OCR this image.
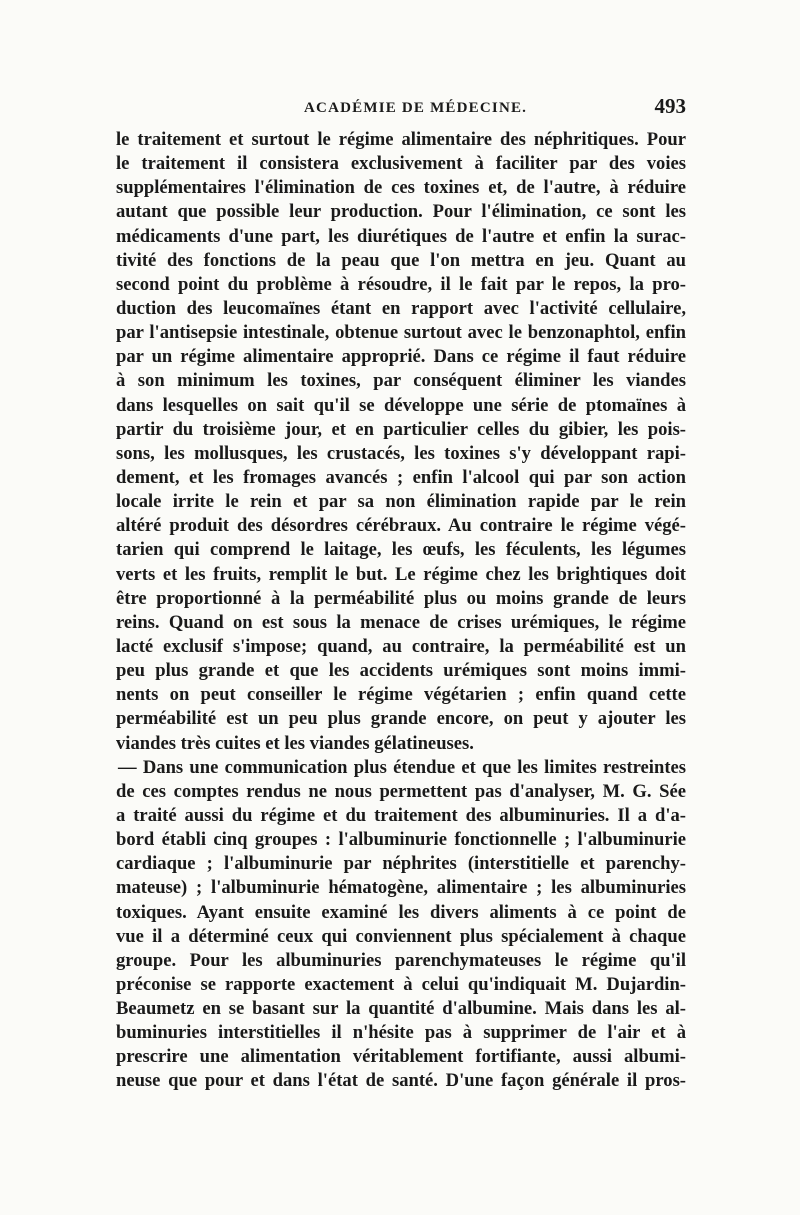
ACADÉMIE DE MÉDECINE.	493
le traitement et surtout le régime alimentaire des néphritiques. Pour
le traitement il consistera exclusivement à faciliter par des voies
supplémentaires l'élimination de ces toxines et, de l'autre, à réduire
autant que possible leur production. Pour l'élimination, ce sont les
médicaments d'une part, les diurétiques de l'autre et enfin la surac-
tivité des fonctions de la peau que l'on mettra en jeu. Quant au
second point du problème à résoudre, il le fait par le repos, la pro-
duction des leucomaïnes étant en rapport avec l'activité cellulaire,
par l'antisepsie intestinale, obtenue surtout avec le benzonaphtol, enfin
par un régime alimentaire approprié. Dans ce régime il faut réduire
à son minimum les toxines, par conséquent éliminer les viandes
dans lesquelles on sait qu'il se développe une série de ptomaïnes à
partir du troisième jour, et en particulier celles du gibier, les pois-
sons, les mollusques, les crustacés, les toxines s'y développant rapi-
dement, et les fromages avancés ; enfin l'alcool qui par son action
locale irrite le rein et par sa non élimination rapide par le rein
altéré produit des désordres cérébraux. Au contraire le régime végé-
tarien qui comprend le laitage, les œufs, les féculents, les légumes
verts et les fruits, remplit le but. Le régime chez les brightiques doit
être proportionné à la perméabilité plus ou moins grande de leurs
reins. Quand on est sous la menace de crises urémiques, le régime
lacté exclusif s'impose; quand, au contraire, la perméabilité est un
peu plus grande et que les accidents urémiques sont moins immi-
nents on peut conseiller le régime végétarien ; enfin quand cette
perméabilité est un peu plus grande encore, on peut y ajouter les
viandes très cuites et les viandes gélatineuses.
— Dans une communication plus étendue et que les limites restreintes
de ces comptes rendus ne nous permettent pas d'analyser, M. G. Sée
a traité aussi du régime et du traitement des albuminuries. Il a d'a-
bord établi cinq groupes : l'albuminurie fonctionnelle ; l'albuminurie
cardiaque ; l'albuminurie par néphrites (interstitielle et parenchy-
mateuse) ; l'albuminurie hématogène, alimentaire ; les albuminuries
toxiques. Ayant ensuite examiné les divers aliments à ce point de
vue il a déterminé ceux qui conviennent plus spécialement à chaque
groupe. Pour les albuminuries parenchymateuses le régime qu'il
préconise se rapporte exactement à celui qu'indiquait M. Dujardin-
Beaumetz en se basant sur la quantité d'albumine. Mais dans les al-
buminuries interstitielles il n'hésite pas à supprimer de l'air et à
prescrire une alimentation véritablement fortifiante, aussi albumi-
neuse que pour et dans l'état de santé. D'une façon générale il pros-
